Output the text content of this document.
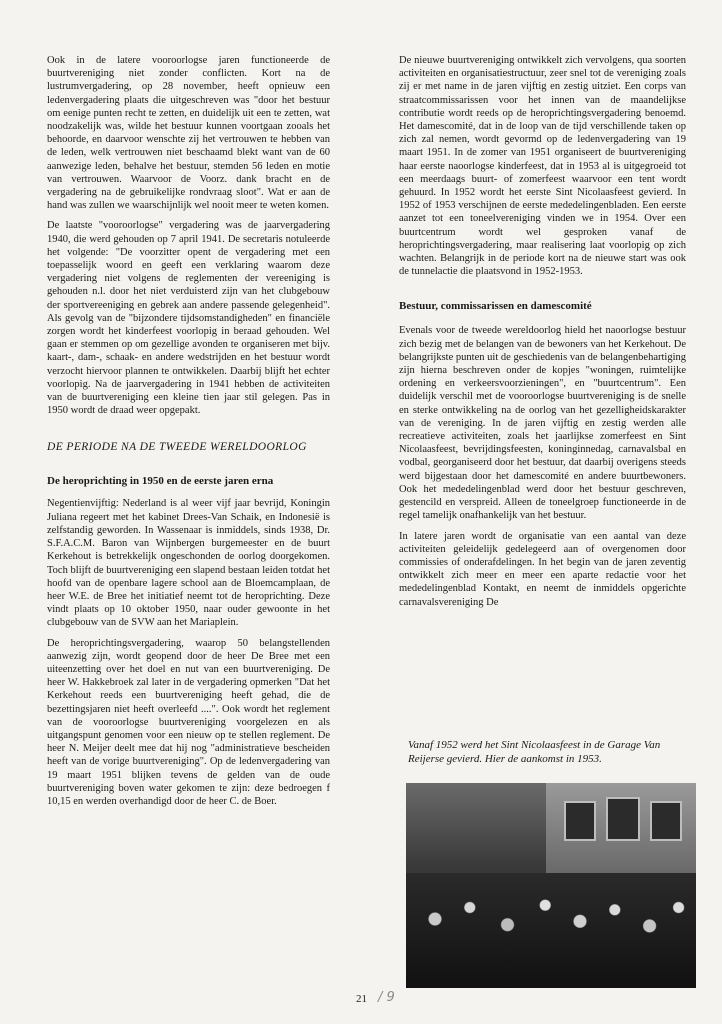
Ook in de latere vooroorlogse jaren functioneerde de buurtvereniging niet zonder conflicten. Kort na de lustrumvergadering, op 28 november, heeft opnieuw een ledenvergadering plaats die uitgeschreven was "door het bestuur om eenige punten recht te zetten, en duidelijk uit een te zetten, wat noodzakelijk was, wilde het bestuur kunnen voortgaan zooals het behoorde, en daarvoor wenschte zij het vertrouwen te hebben van de leden, welk vertrouwen niet beschaamd blekt want van de 60 aanwezige leden, behalve het bestuur, stemden 56 leden en motie van vertrouwen. Waarvoor de Voorz. dank bracht en de vergadering na de gebruikelijke rondvraag sloot". Wat er aan de hand was zullen we waarschijnlijk wel nooit meer te weten komen.

De laatste "vooroorlogse" vergadering was de jaarvergadering 1940, die werd gehouden op 7 april 1941. De secretaris notuleerde het volgende: "De voorzitter opent de vergadering met een toepasselijk woord en geeft een verklaring waarom deze vergadering niet volgens de reglementen der vereeniging is gehouden n.l. door het niet verduisterd zijn van het clubgebouw der sportvereeniging en gebrek aan andere passende gelegenheid". Als gevolg van de "bijzondere tijdsomstandigheden" en financiële zorgen wordt het kinderfeest voorlopig in beraad gehouden. Wel gaan er stemmen op om gezellige avonden te organiseren met bijv. kaart-, dam-, schaak- en andere wedstrijden en het bestuur wordt verzocht hiervoor plannen te ontwikkelen. Daarbij blijft het echter voorlopig. Na de jaarvergadering in 1941 hebben de activiteiten van de buurtvereniging een kleine tien jaar stil gelegen. Pas in 1950 wordt de draad weer opgepakt.

DE PERIODE NA DE TWEEDE WERELDOORLOG
De heroprichting in 1950 en de eerste jaren erna

Negentienvijftig: Nederland is al weer vijf jaar bevrijd, Koningin Juliana regeert met het kabinet Drees-Van Schaik, en Indonesië is zelfstandig geworden. In Wassenaar is inmiddels, sinds 1938, Dr. S.F.A.C.M. Baron van Wijnbergen burgemeester en de buurt Kerkehout is betrekkelijk ongeschonden de oorlog doorgekomen. Toch blijft de buurtvereniging een slapend bestaan leiden totdat het hoofd van de openbare lagere school aan de Bloemcamplaan, de heer W.E. de Bree het initiatief neemt tot de heroprichting. Deze vindt plaats op 10 oktober 1950, naar ouder gewoonte in het clubgebouw van de SVW aan het Mariaplein.

De heroprichtingsvergadering, waarop 50 belangstellenden aanwezig zijn, wordt geopend door de heer De Bree met een uiteenzetting over het doel en nut van een buurtvereniging. De heer W. Hakkebroek zal later in de vergadering opmerken "Dat het Kerkehout reeds een buurtvereniging heeft gehad, die de bezettingsjaren niet heeft overleefd ....". Ook wordt het reglement van de vooroorlogse buurtvereniging voorgelezen en als uitgangspunt genomen voor een nieuw op te stellen reglement. De heer N. Meijer deelt mee dat hij nog "administratieve bescheiden heeft van de vorige buurtvereniging". Op de ledenvergadering van 19 maart 1951 blijken tevens de gelden van de oude buurtvereniging boven water gekomen te zijn: deze bedroegen f 10,15 en werden overhandigd door de heer C. de Boer.

De nieuwe buurtvereniging ontwikkelt zich vervolgens, qua soorten activiteiten en organisatiestructuur, zeer snel tot de vereniging zoals zij er met name in de jaren vijftig en zestig uitziet. Een corps van straatcommissarissen voor het innen van de maandelijkse contributie wordt reeds op de heroprichtingsvergadering benoemd. Het damescomité, dat in de loop van de tijd verschillende taken op zich zal nemen, wordt gevormd op de ledenvergadering van 19 maart 1951. In de zomer van 1951 organiseert de buurtvereniging haar eerste naoorlogse kinderfeest, dat in 1953 al is uitgegroeid tot een meerdaags buurt- of zomerfeest waarvoor een tent wordt gehuurd. In 1952 wordt het eerste Sint Nicolaasfeest gevierd. In 1952 of 1953 verschijnen de eerste mededelingenbladen. Een eerste aanzet tot een toneelvereniging vinden we in 1954. Over een buurtcentrum wordt wel gesproken vanaf de heroprichtingsvergadering, maar realisering laat voorlopig op zich wachten. Belangrijk in de periode kort na de nieuwe start was ook de tunnelactie die plaatsvond in 1952-1953.

Bestuur, commissarissen en damescomité

Evenals voor de tweede wereldoorlog hield het naoorlogse bestuur zich bezig met de belangen van de bewoners van het Kerkehout. De belangrijkste punten uit de geschiedenis van de belangenbehartiging zijn hierna beschreven onder de kopjes "woningen, ruimtelijke ordening en verkeersvoorzieningen", en "buurtcentrum". Een duidelijk verschil met de vooroorlogse buurtvereniging is de snelle en sterke ontwikkeling na de oorlog van het gezelligheidskarakter van de vereniging. In de jaren vijftig en zestig werden alle recreatieve activiteiten, zoals het jaarlijkse zomerfeest en Sint Nicolaasfeest, bevrijdingsfeesten, koninginnedag, carnavalsbal en vodbal, georganiseerd door het bestuur, dat daarbij overigens steeds werd bijgestaan door het damescomité en andere buurtbewoners. Ook het mededelingenblad werd door het bestuur geschreven, gestencild en verspreid. Alleen de toneelgroep functioneerde in de regel tamelijk onafhankelijk van het bestuur.

In latere jaren wordt de organisatie van een aantal van deze activiteiten geleidelijk gedelegeerd aan of overgenomen door commissies of onderafdelingen. In het begin van de jaren zeventig ontwikkelt zich meer en meer een aparte redactie voor het mededelingenblad Kontakt, en neemt de inmiddels opgerichte carnavalsvereniging De

Vanaf 1952 werd het Sint Nicolaasfeest in de Garage Van Reijerse gevierd. Hier de aankomst in 1953.
21 / 9
